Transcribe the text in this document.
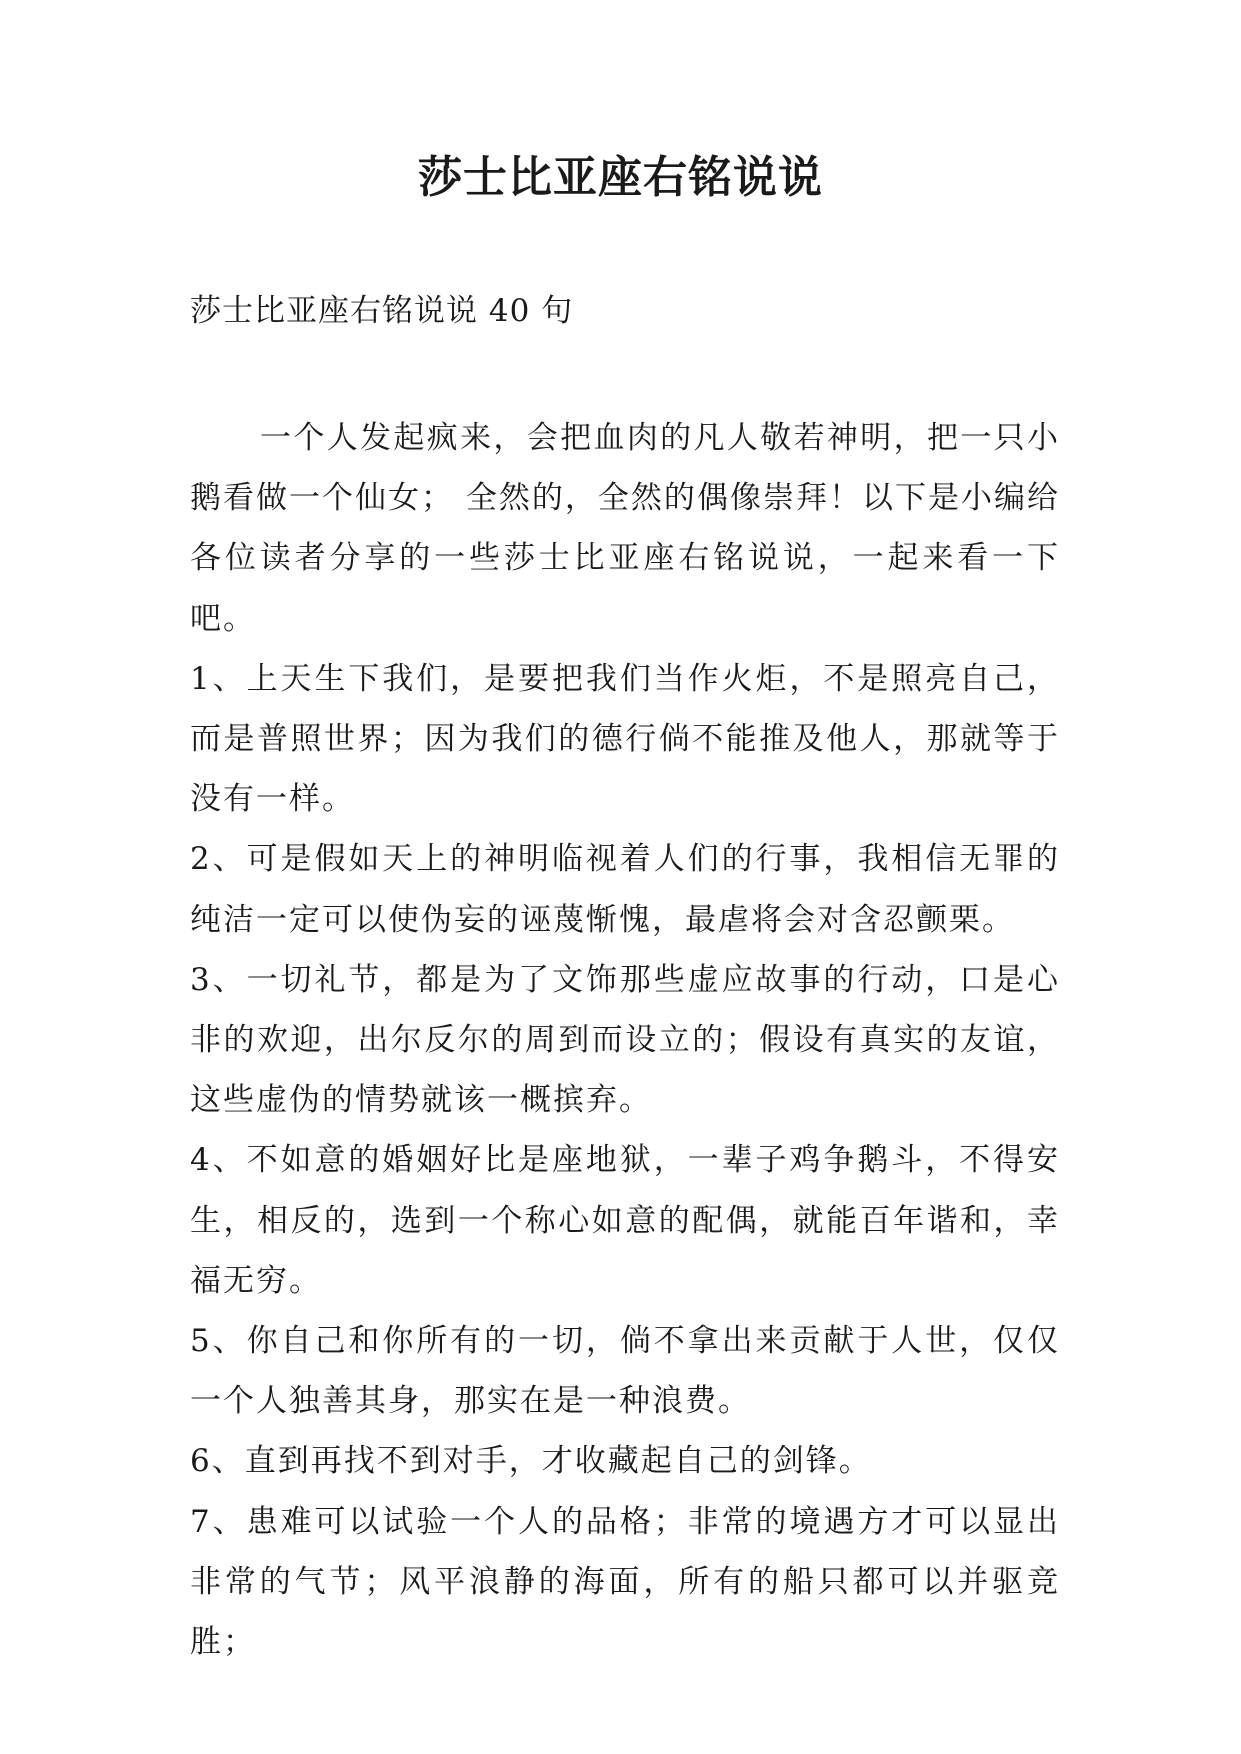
莎士比亚座右铭说说
莎士比亚座右铭说说 40 句

一个人发起疯来，会把血肉的凡人敬若神明，把一只小鹅看做一个仙女； 全然的，全然的偶像崇拜！以下是小编给各位读者分享的一些莎士比亚座右铭说说，一起来看一下吧。

1、上天生下我们，是要把我们当作火炬，不是照亮自己，而是普照世界；因为我们的德行倘不能推及他人，那就等于没有一样。

2、可是假如天上的神明临视着人们的行事，我相信无罪的纯洁一定可以使伪妄的诬蔑惭愧，最虐将会对含忍颤栗。

3、一切礼节，都是为了文饰那些虚应故事的行动，口是心非的欢迎，出尔反尔的周到而设立的；假设有真实的友谊，这些虚伪的情势就该一概摈弃。

4、不如意的婚姻好比是座地狱，一辈子鸡争鹅斗，不得安生，相反的，选到一个称心如意的配偶，就能百年谐和，幸福无穷。

5、你自己和你所有的一切，倘不拿出来贡献于人世，仅仅一个人独善其身，那实在是一种浪费。

6、直到再找不到对手，才收藏起自己的剑锋。

7、患难可以试验一个人的品格；非常的境遇方才可以显出非常的气节；风平浪静的海面，所有的船只都可以并驱竞胜；
